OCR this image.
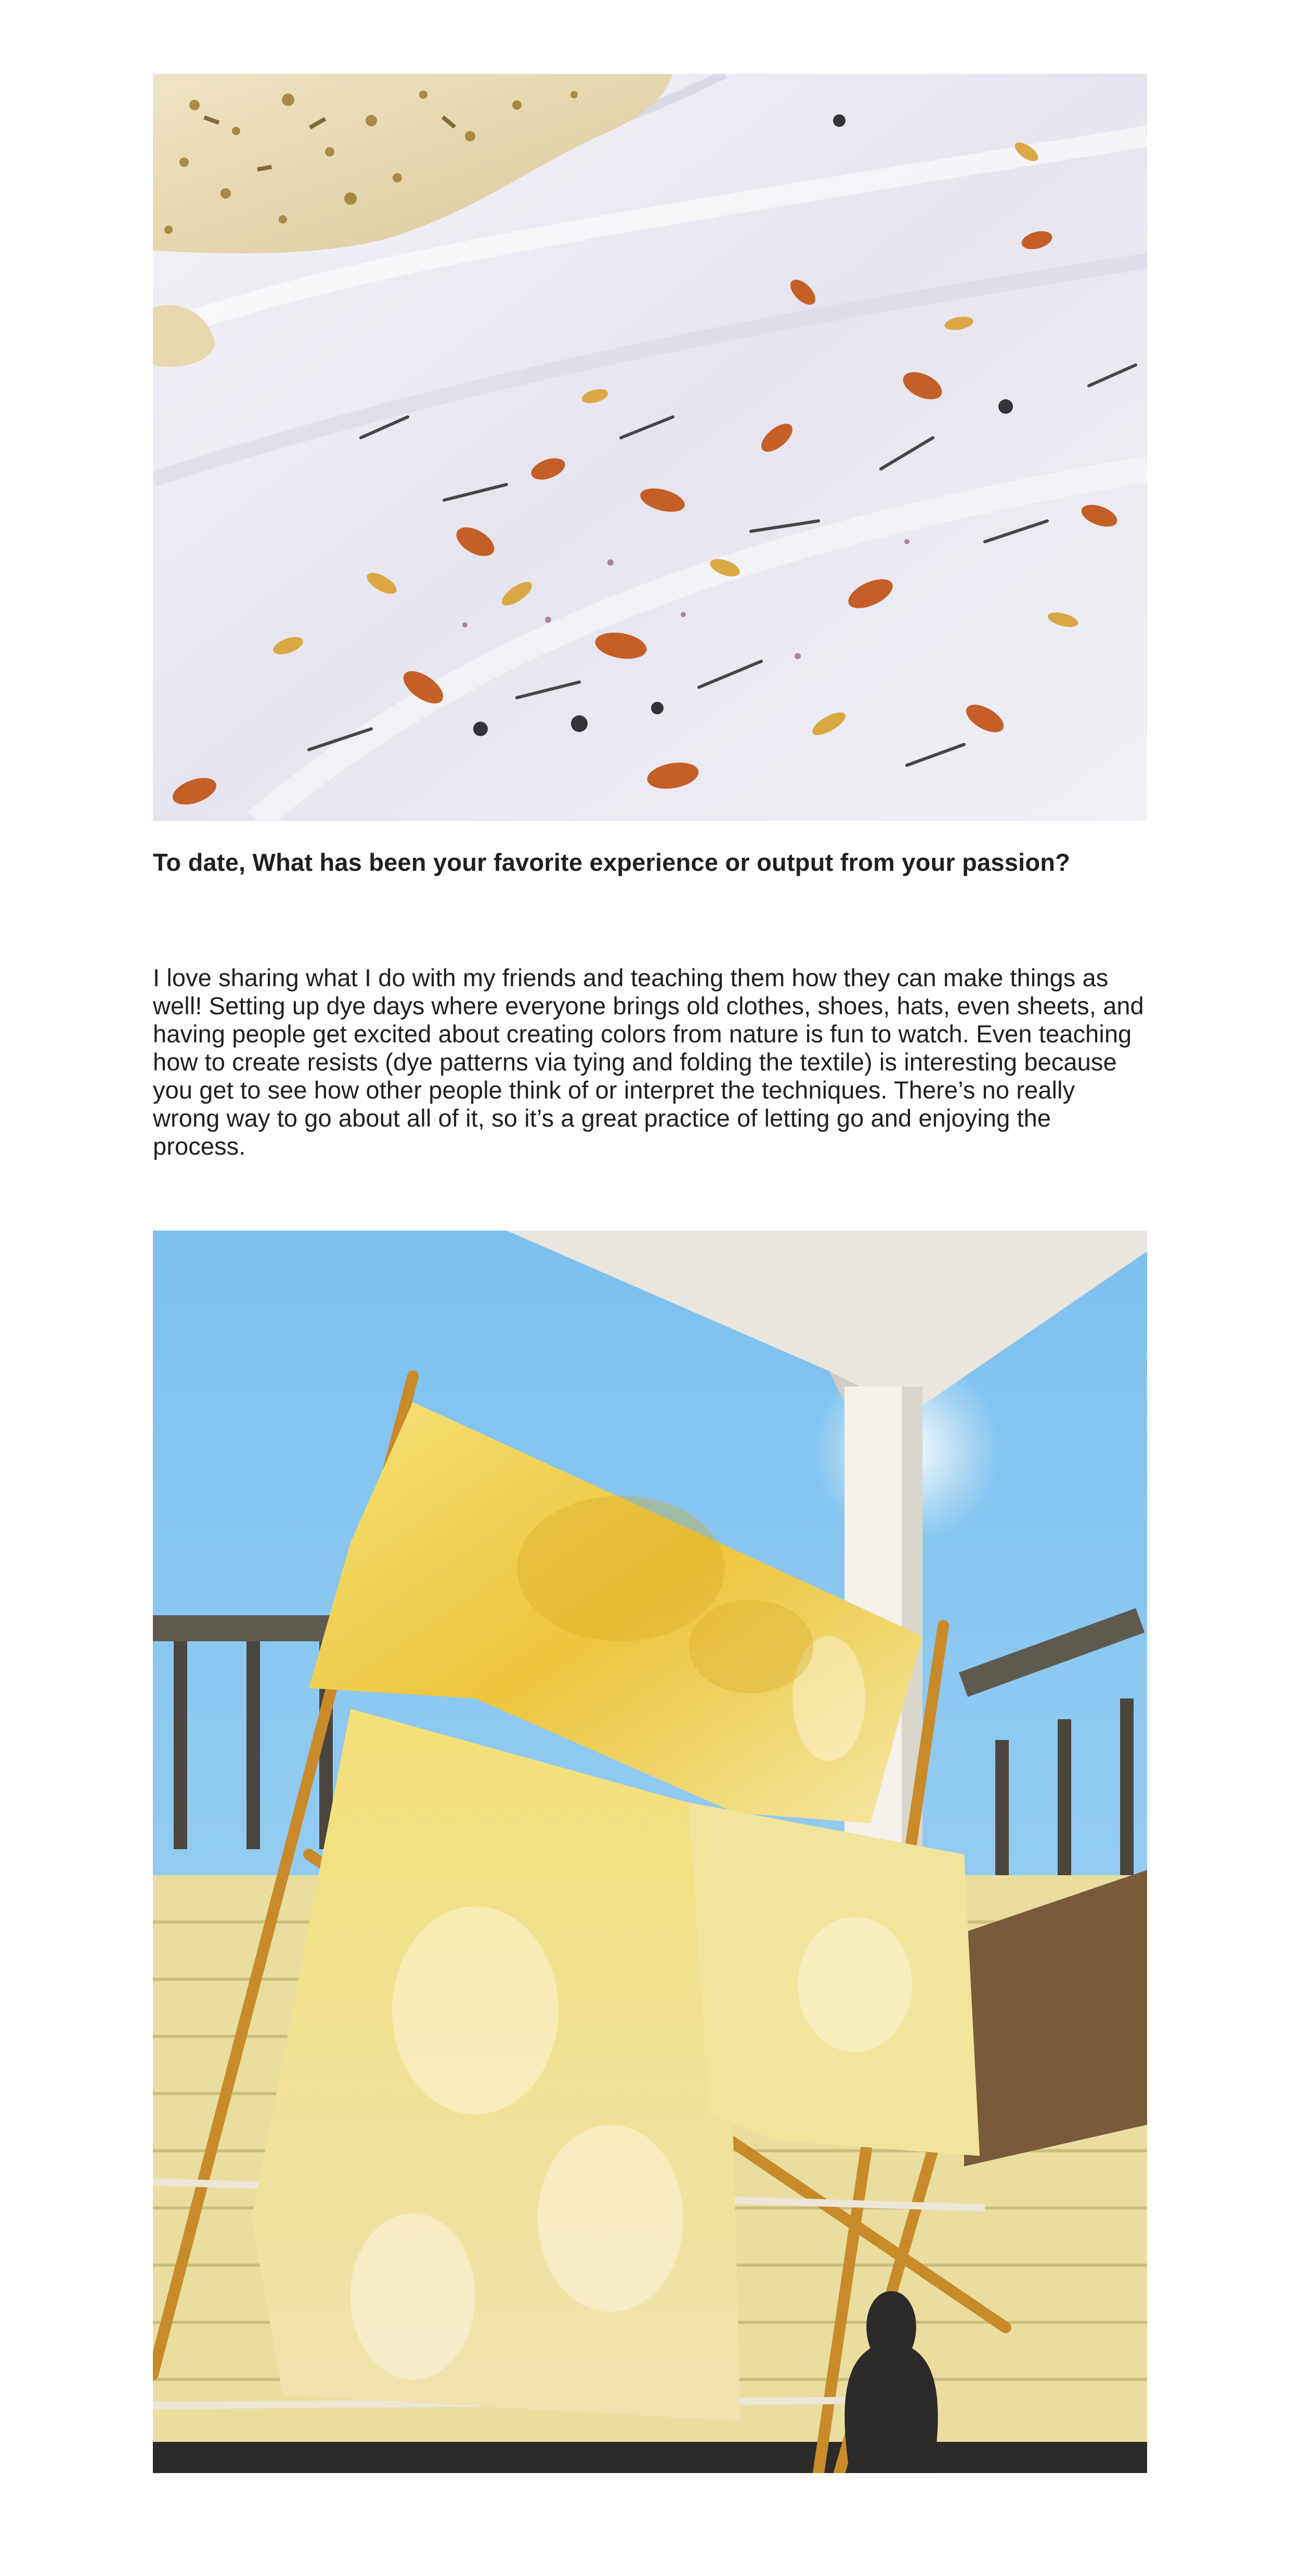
To date, What has been your favorite experience or output from your passion?

I love sharing what I do with my friends and teaching them how they can make things as well! Setting up dye days where everyone brings old clothes, shoes, hats, even sheets, and having people get excited about creating colors from nature is fun to watch. Even teaching how to create resists (dye patterns via tying and folding the textile) is interesting because you get to see how other people think of or interpret the techniques. There’s no really wrong way to go about all of it, so it’s a great practice of letting go and enjoying the process.
